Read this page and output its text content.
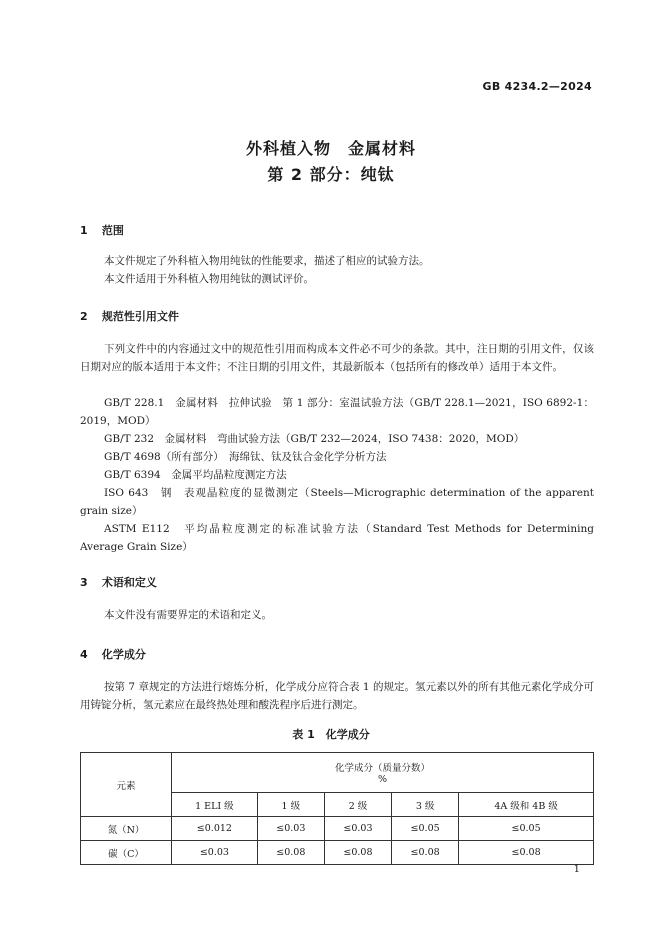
GB 4234.2—2024
外科植入物　金属材料
第 2 部分：纯钛
1 范围
本文件规定了外科植入物用纯钛的性能要求，描述了相应的试验方法。
本文件适用于外科植入物用纯钛的测试评价。
2 规范性引用文件
下列文件中的内容通过文中的规范性引用而构成本文件必不可少的条款。其中，注日期的引用文件，仅该日期对应的版本适用于本文件；不注日期的引用文件，其最新版本（包括所有的修改单）适用于本文件。
GB/T 228.1　金属材料　拉伸试验　第 1 部分：室温试验方法（GB/T 228.1—2021，ISO 6892-1：2019，MOD）
GB/T 232　金属材料　弯曲试验方法（GB/T 232—2024，ISO 7438：2020，MOD）
GB/T 4698（所有部分）　海绵钛、钛及钛合金化学分析方法
GB/T 6394　金属平均晶粒度测定方法
ISO 643　钢　表观晶粒度的显微测定（Steels—Micrographic determination of the apparent grain size）
ASTM E112　平均晶粒度测定的标准试验方法（Standard Test Methods for Determining Average Grain Size）
3 术语和定义
本文件没有需要界定的术语和定义。
4 化学成分
按第 7 章规定的方法进行熔炼分析，化学成分应符合表 1 的规定。氢元素以外的所有其他元素化学成分可用铸锭分析，氢元素应在最终热处理和酸洗程序后进行测定。
表 1　化学成分
元素	化学成分（质量分数）
%				

	1 ELI 级	1 级	2 级	3 级	4A 级和 4B 级
氮（N）	≤0.012	≤0.03	≤0.03	≤0.05	≤0.05
碳（C）	≤0.03	≤0.08	≤0.08	≤0.08	≤0.08
1
